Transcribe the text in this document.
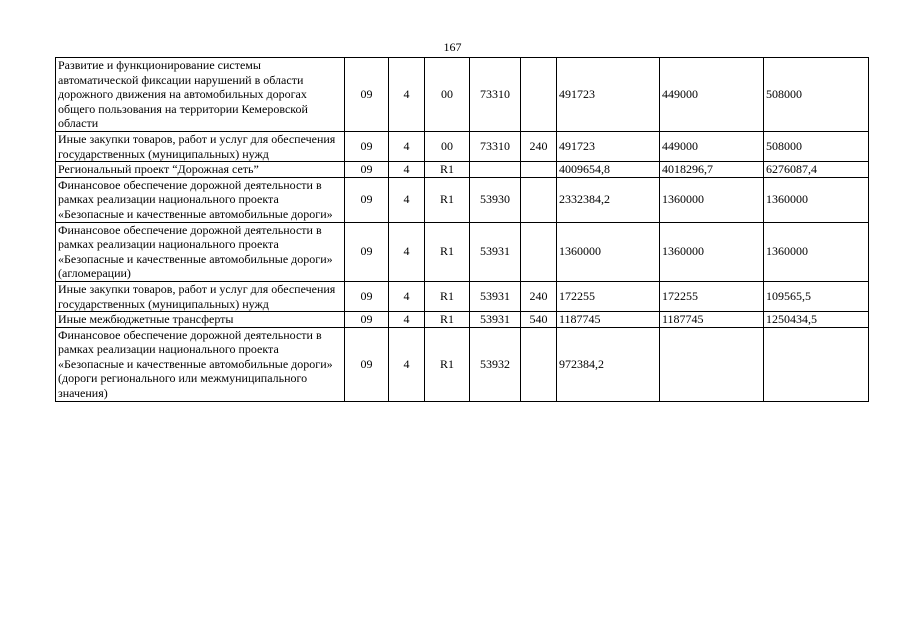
167
Развитие и функционирование системы автоматической фиксации нарушений в области дорожного движения на автомобильных дорогах общего пользования на территории Кемеровской области	09	4	00	73310		491723	449000	508000
Иные закупки товаров, работ и услуг для обеспечения государственных (муниципальных) нужд	09	4	00	73310	240	491723	449000	508000
Региональный проект “Дорожная сеть”	09	4	R1			4009654,8	4018296,7	6276087,4
Финансовое обеспечение дорожной деятельности в рамках реализации национального проекта «Безопасные и качественные автомобильные дороги»	09	4	R1	53930		2332384,2	1360000	1360000
Финансовое обеспечение дорожной деятельности в рамках реализации национального проекта «Безопасные и качественные автомобильные дороги» (агломерации)	09	4	R1	53931		1360000	1360000	1360000
Иные закупки товаров, работ и услуг для обеспечения государственных (муниципальных) нужд	09	4	R1	53931	240	172255	172255	109565,5
Иные межбюджетные трансферты	09	4	R1	53931	540	1187745	1187745	1250434,5
Финансовое обеспечение дорожной деятельности в рамках реализации национального проекта «Безопасные и качественные автомобильные дороги» (дороги регионального или межмуниципального значения)	09	4	R1	53932		972384,2		
